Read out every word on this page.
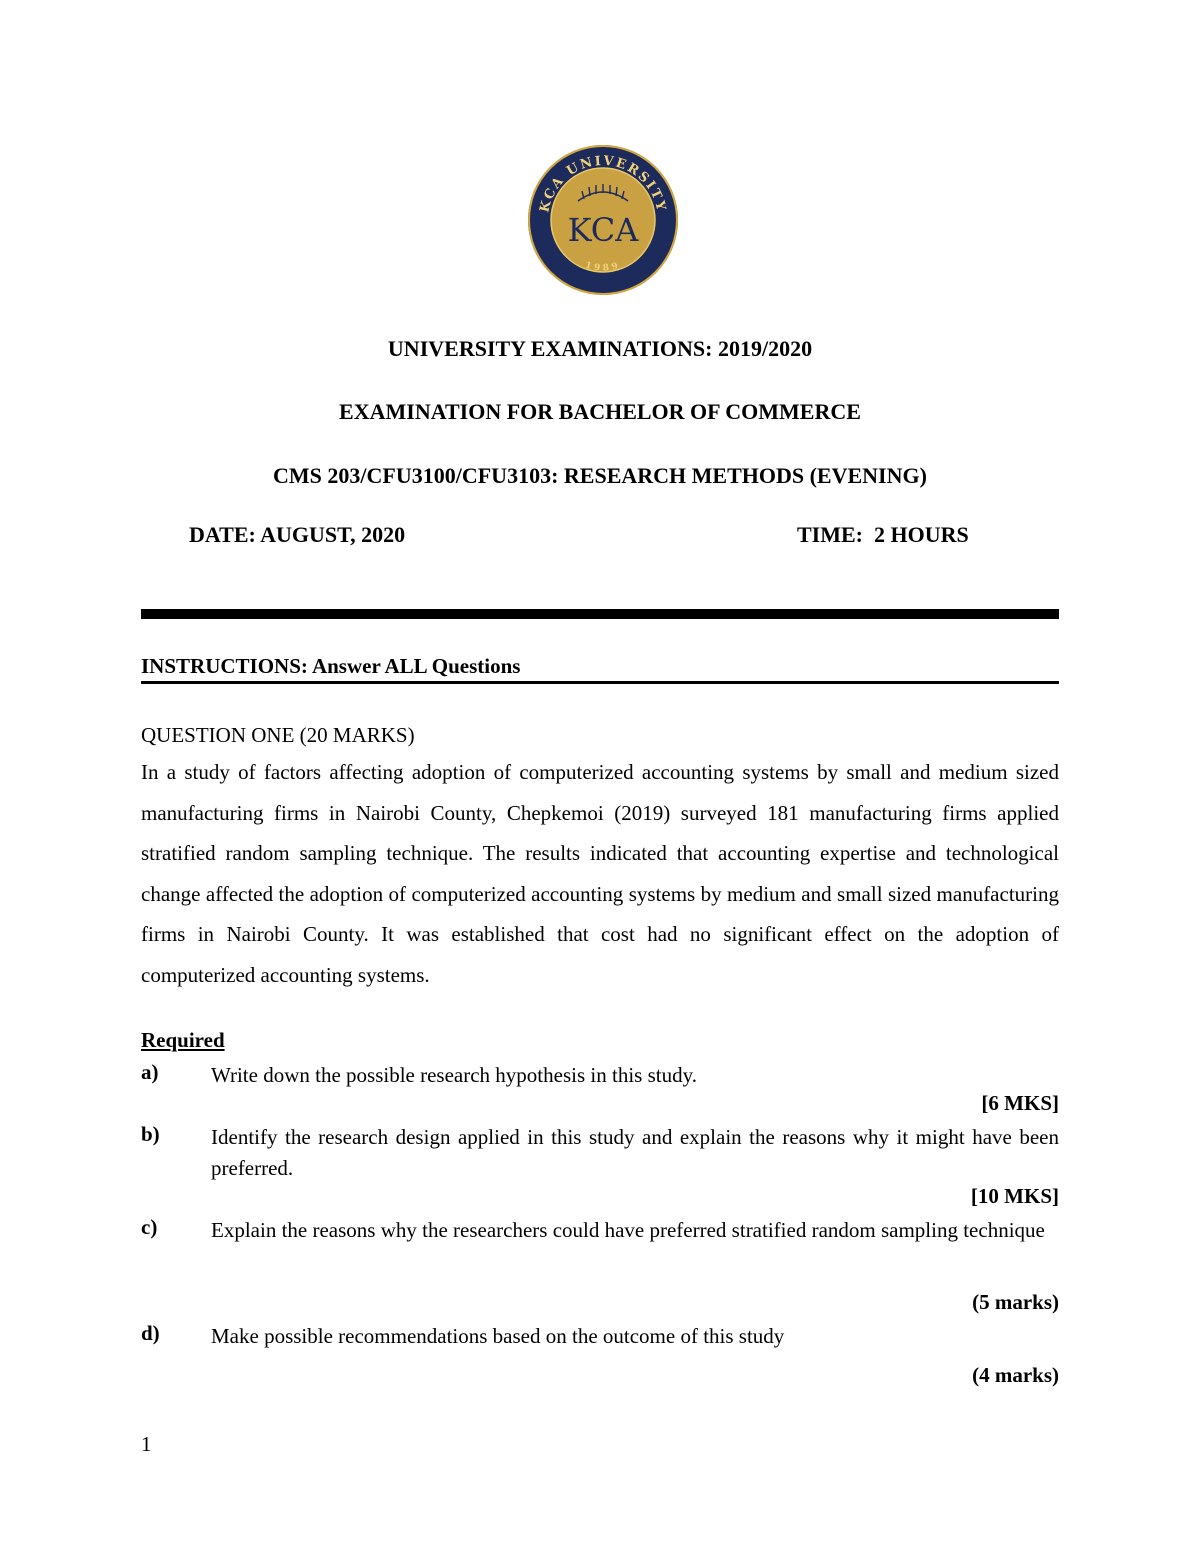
KCA UNIVERSITY
1989
KCA
UNIVERSITY EXAMINATIONS: 2019/2020
EXAMINATION FOR BACHELOR OF COMMERCE
CMS 203/CFU3100/CFU3103: RESEARCH METHODS (EVENING)
DATE: AUGUST, 2020	TIME:  2 HOURS
INSTRUCTIONS: Answer ALL Questions
QUESTION ONE (20 MARKS)

In a study of factors affecting adoption of computerized accounting systems by small and medium sized manufacturing firms in Nairobi County, Chepkemoi (2019) surveyed 181 manufacturing firms applied stratified random sampling technique. The results indicated that accounting expertise and technological change affected the adoption of computerized accounting systems by medium and small sized manufacturing firms in Nairobi County. It was established that cost had no significant effect on the adoption of computerized accounting systems.

Required
a)	Write down the possible research hypothesis in this study.

[6 MKS]
b) Identify the research design applied in this study and explain the reasons why it might have been preferred.

[10 MKS]
c)	Explain the reasons why the researchers could have preferred stratified random sampling technique

(5 marks)
d) Make possible recommendations based on the outcome of this study

(4 marks)
1
